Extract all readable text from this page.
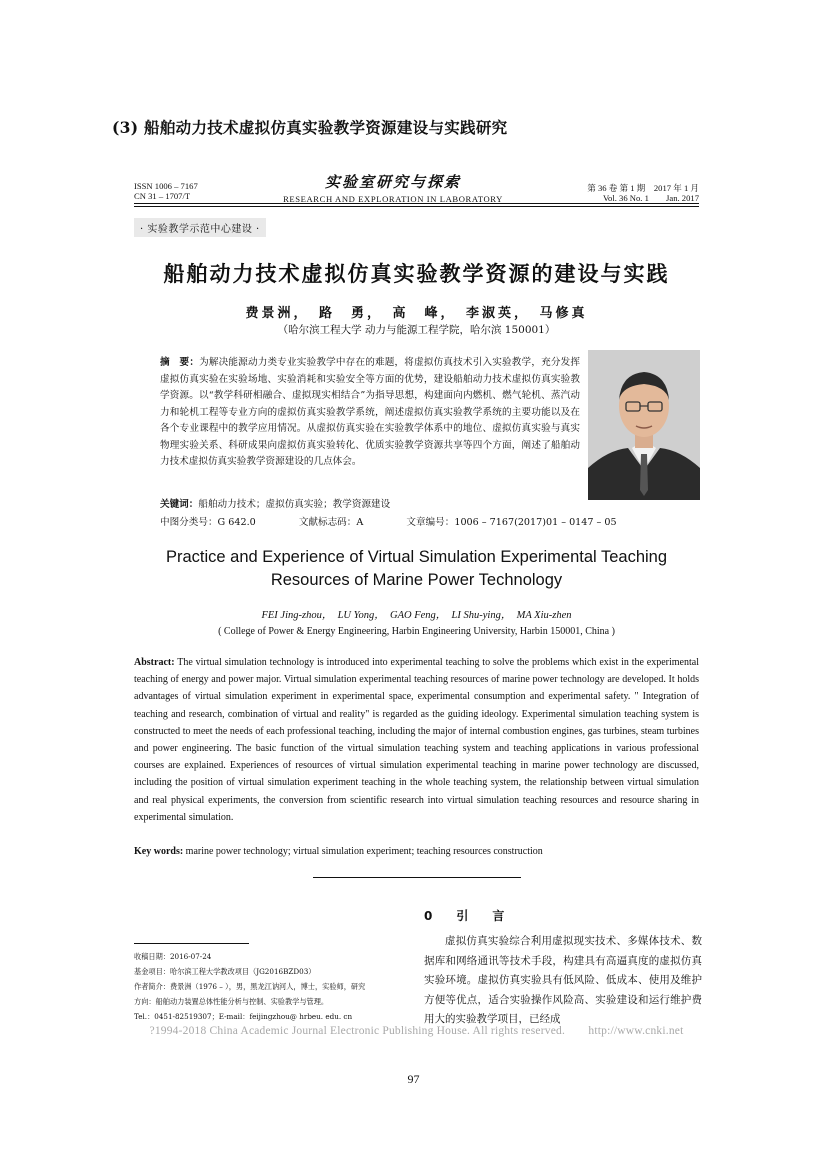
(3) 船舶动力技术虚拟仿真实验教学资源建设与实践研究
ISSN 1006 – 7167
CN 31 – 1707/T
实验室研究与探索
RESEARCH AND EXPLORATION IN LABORATORY
第 36 卷 第 1 期　2017 年 1 月
Vol. 36 No. 1　　Jan. 2017
· 实验教学示范中心建设 ·
船舶动力技术虚拟仿真实验教学资源的建设与实践
费景洲，　路　勇，　高　峰，　李淑英，　马修真
（哈尔滨工程大学 动力与能源工程学院，哈尔滨 150001）
摘　要：为解决能源动力类专业实验教学中存在的难题，将虚拟仿真技术引入实验教学，充分发挥虚拟仿真实验在实验场地、实验消耗和实验安全等方面的优势，建设船舶动力技术虚拟仿真实验教学资源。以“教学科研相融合、虚拟现实相结合”为指导思想，构建面向内燃机、燃气轮机、蒸汽动力和轮机工程等专业方向的虚拟仿真实验教学系统，阐述虚拟仿真实验教学系统的主要功能以及在各个专业课程中的教学应用情况。从虚拟仿真实验在实验教学体系中的地位、虚拟仿真实验与真实物理实验关系、科研成果向虚拟仿真实验转化、优质实验教学资源共享等四个方面，阐述了船舶动力技术虚拟仿真实验教学资源建设的几点体会。
关键词：船舶动力技术；虚拟仿真实验；教学资源建设
中图分类号：G 642.0	文献标志码：A	文章编号：1006 – 7167(2017)01 – 0147 – 05
Practice and Experience of Virtual Simulation Experimental Teaching
Resources of Marine Power Technology
FEI Jing-zhou，　LU Yong，　GAO Feng，　LI Shu-ying，　MA Xiu-zhen
( College of Power & Energy Engineering, Harbin Engineering University, Harbin 150001, China )
Abstract: The virtual simulation technology is introduced into experimental teaching to solve the problems which exist in the experimental teaching of energy and power major. Virtual simulation experimental teaching resources of marine power technology are developed. It holds advantages of virtual simulation experiment in experimental space, experimental consumption and experimental safety. " Integration of teaching and research, combination of virtual and reality" is regarded as the guiding ideology. Experimental simulation teaching system is constructed to meet the needs of each professional teaching, including the major of internal combustion engines, gas turbines, steam turbines and power engineering. The basic function of the virtual simulation teaching system and teaching applications in various professional courses are explained. Experiences of resources of virtual simulation experimental teaching in marine power technology are discussed, including the position of virtual simulation experiment teaching in the whole teaching system, the relationship between virtual simulation and real physical experiments, the conversion from scientific research into virtual simulation teaching resources and resource sharing in experimental simulation.
Key words: marine power technology; virtual simulation experiment; teaching resources construction
0　引　言
虚拟仿真实验综合利用虚拟现实技术、多媒体技术、数据库和网络通讯等技术手段，构建具有高逼真度的虚拟仿真实验环境。虚拟仿真实验具有低风险、低成本、使用及维护方便等优点，适合实验操作风险高、实验建设和运行维护费用大的实验教学项目，已经成
收稿日期：2016-07-24
基金项目：哈尔滨工程大学教改项目（JG2016BZD03）
作者简介：费景洲（1976 – ），男，黑龙江讷河人，博士，实验师，研究
方向：船舶动力装置总体性能分析与控制、实验教学与管理。
Tel.：0451-82519307；E-mail：feijingzhou@ hrbeu. edu. cn
?1994-2018 China Academic Journal Electronic Publishing House. All rights reserved.　　http://www.cnki.net
97
